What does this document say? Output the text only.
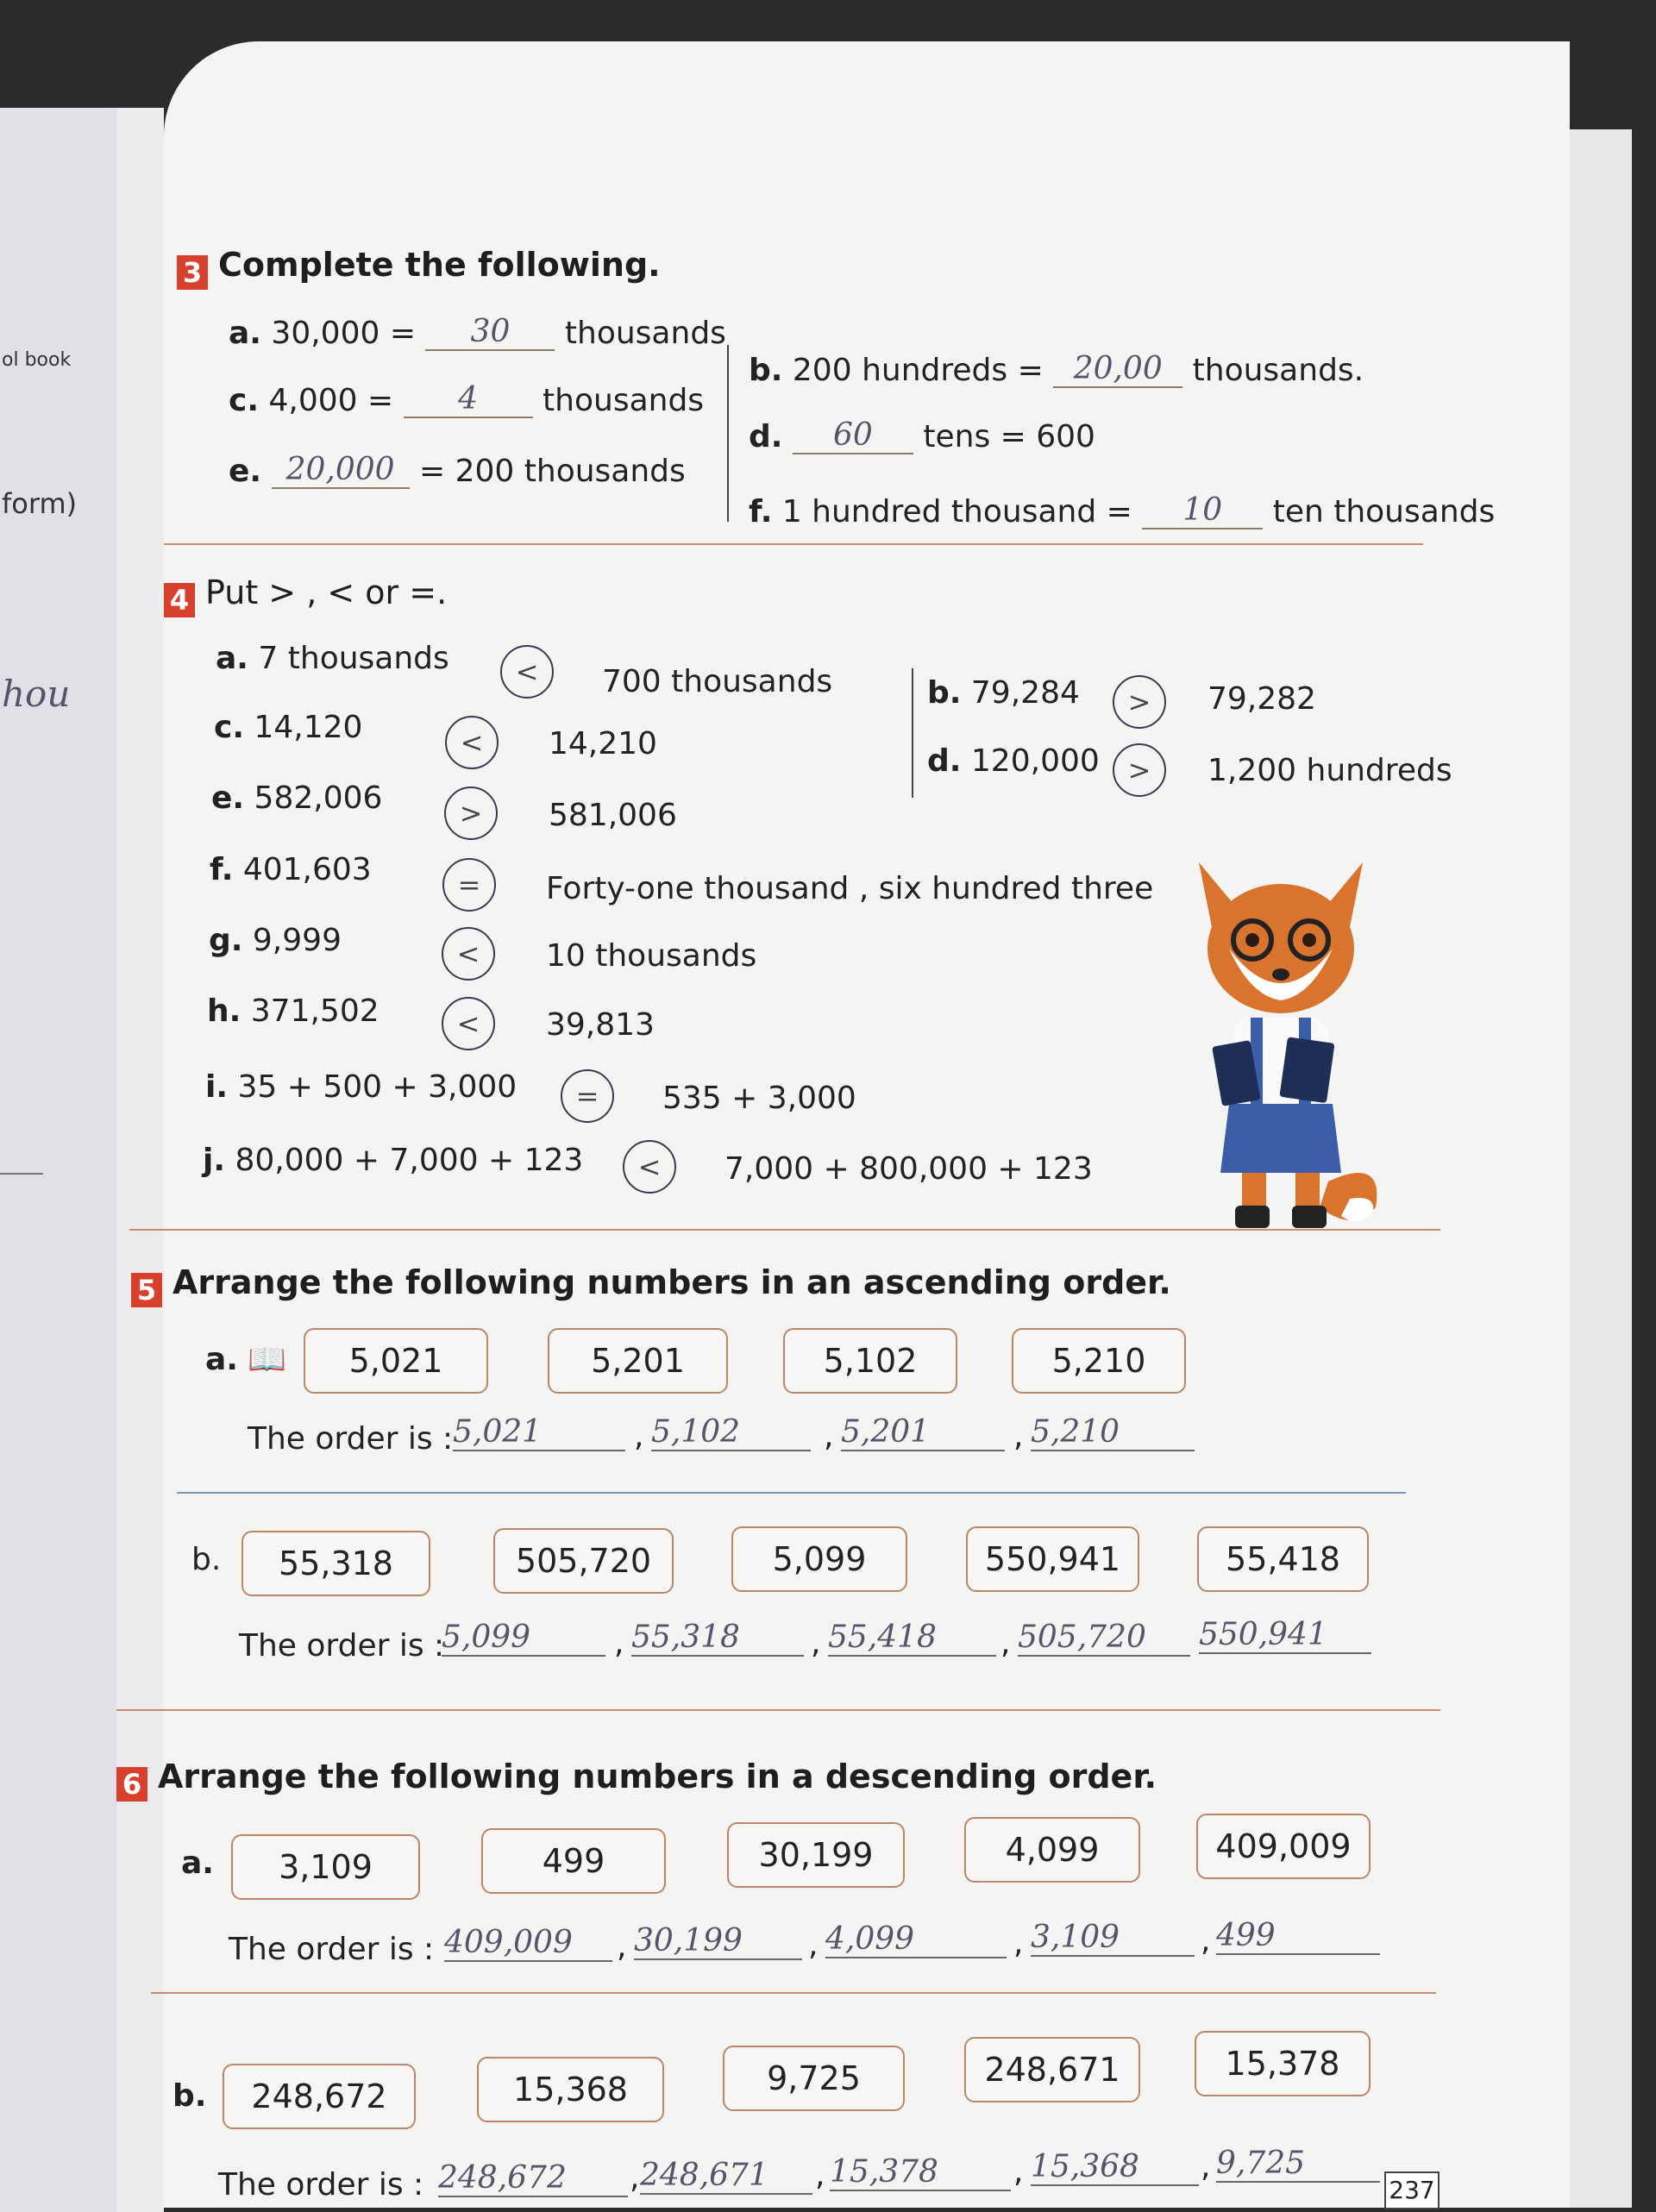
ol book
form)
hou
3 Complete the following.
a. 30,000 = 30 thousands
c. 4,000 = 4 thousands
e. 20,000 = 200 thousands
b. 200 hundreds = 20,00 thousands.
d. 60 tens = 600
f. 1 hundred thousand = 10 ten thousands
4 Put > , < or =.
a. 7 thousands	<	700 thousands	b. 79,284	>	79,282
c. 14,120	<	14,210	d. 120,000	>	1,200 hundreds
e. 582,006	>	581,006
f. 401,603	=	Forty-one thousand , six hundred three
g. 9,999	<	10 thousands
h. 371,502	<	39,813
i. 35 + 500 + 3,000	=	535 + 3,000
j. 80,000 + 7,000 + 123	<	7,000 + 800,000 + 123
5 Arrange the following numbers in an ascending order.
a. 📖	5,021	5,201	5,102	5,210
The order is : 5,021	, 5,102	, 5,201	, 5,210
b.	55,318	505,720	5,099	550,941	55,418
The order is :
5,099	, 55,318	, 55,418	, 505,720	550,941
6 Arrange the following numbers in a descending order.
a.	3,109	499	30,199	4,099	409,009
The order is : 409,009	, 30,199	, 4,099	, 3,109	, 499
b.	248,672	15,368	9,725	248,671	15,378
The order is : 248,672	, 248,671	, 15,378	, 15,368	, 9,725
237
